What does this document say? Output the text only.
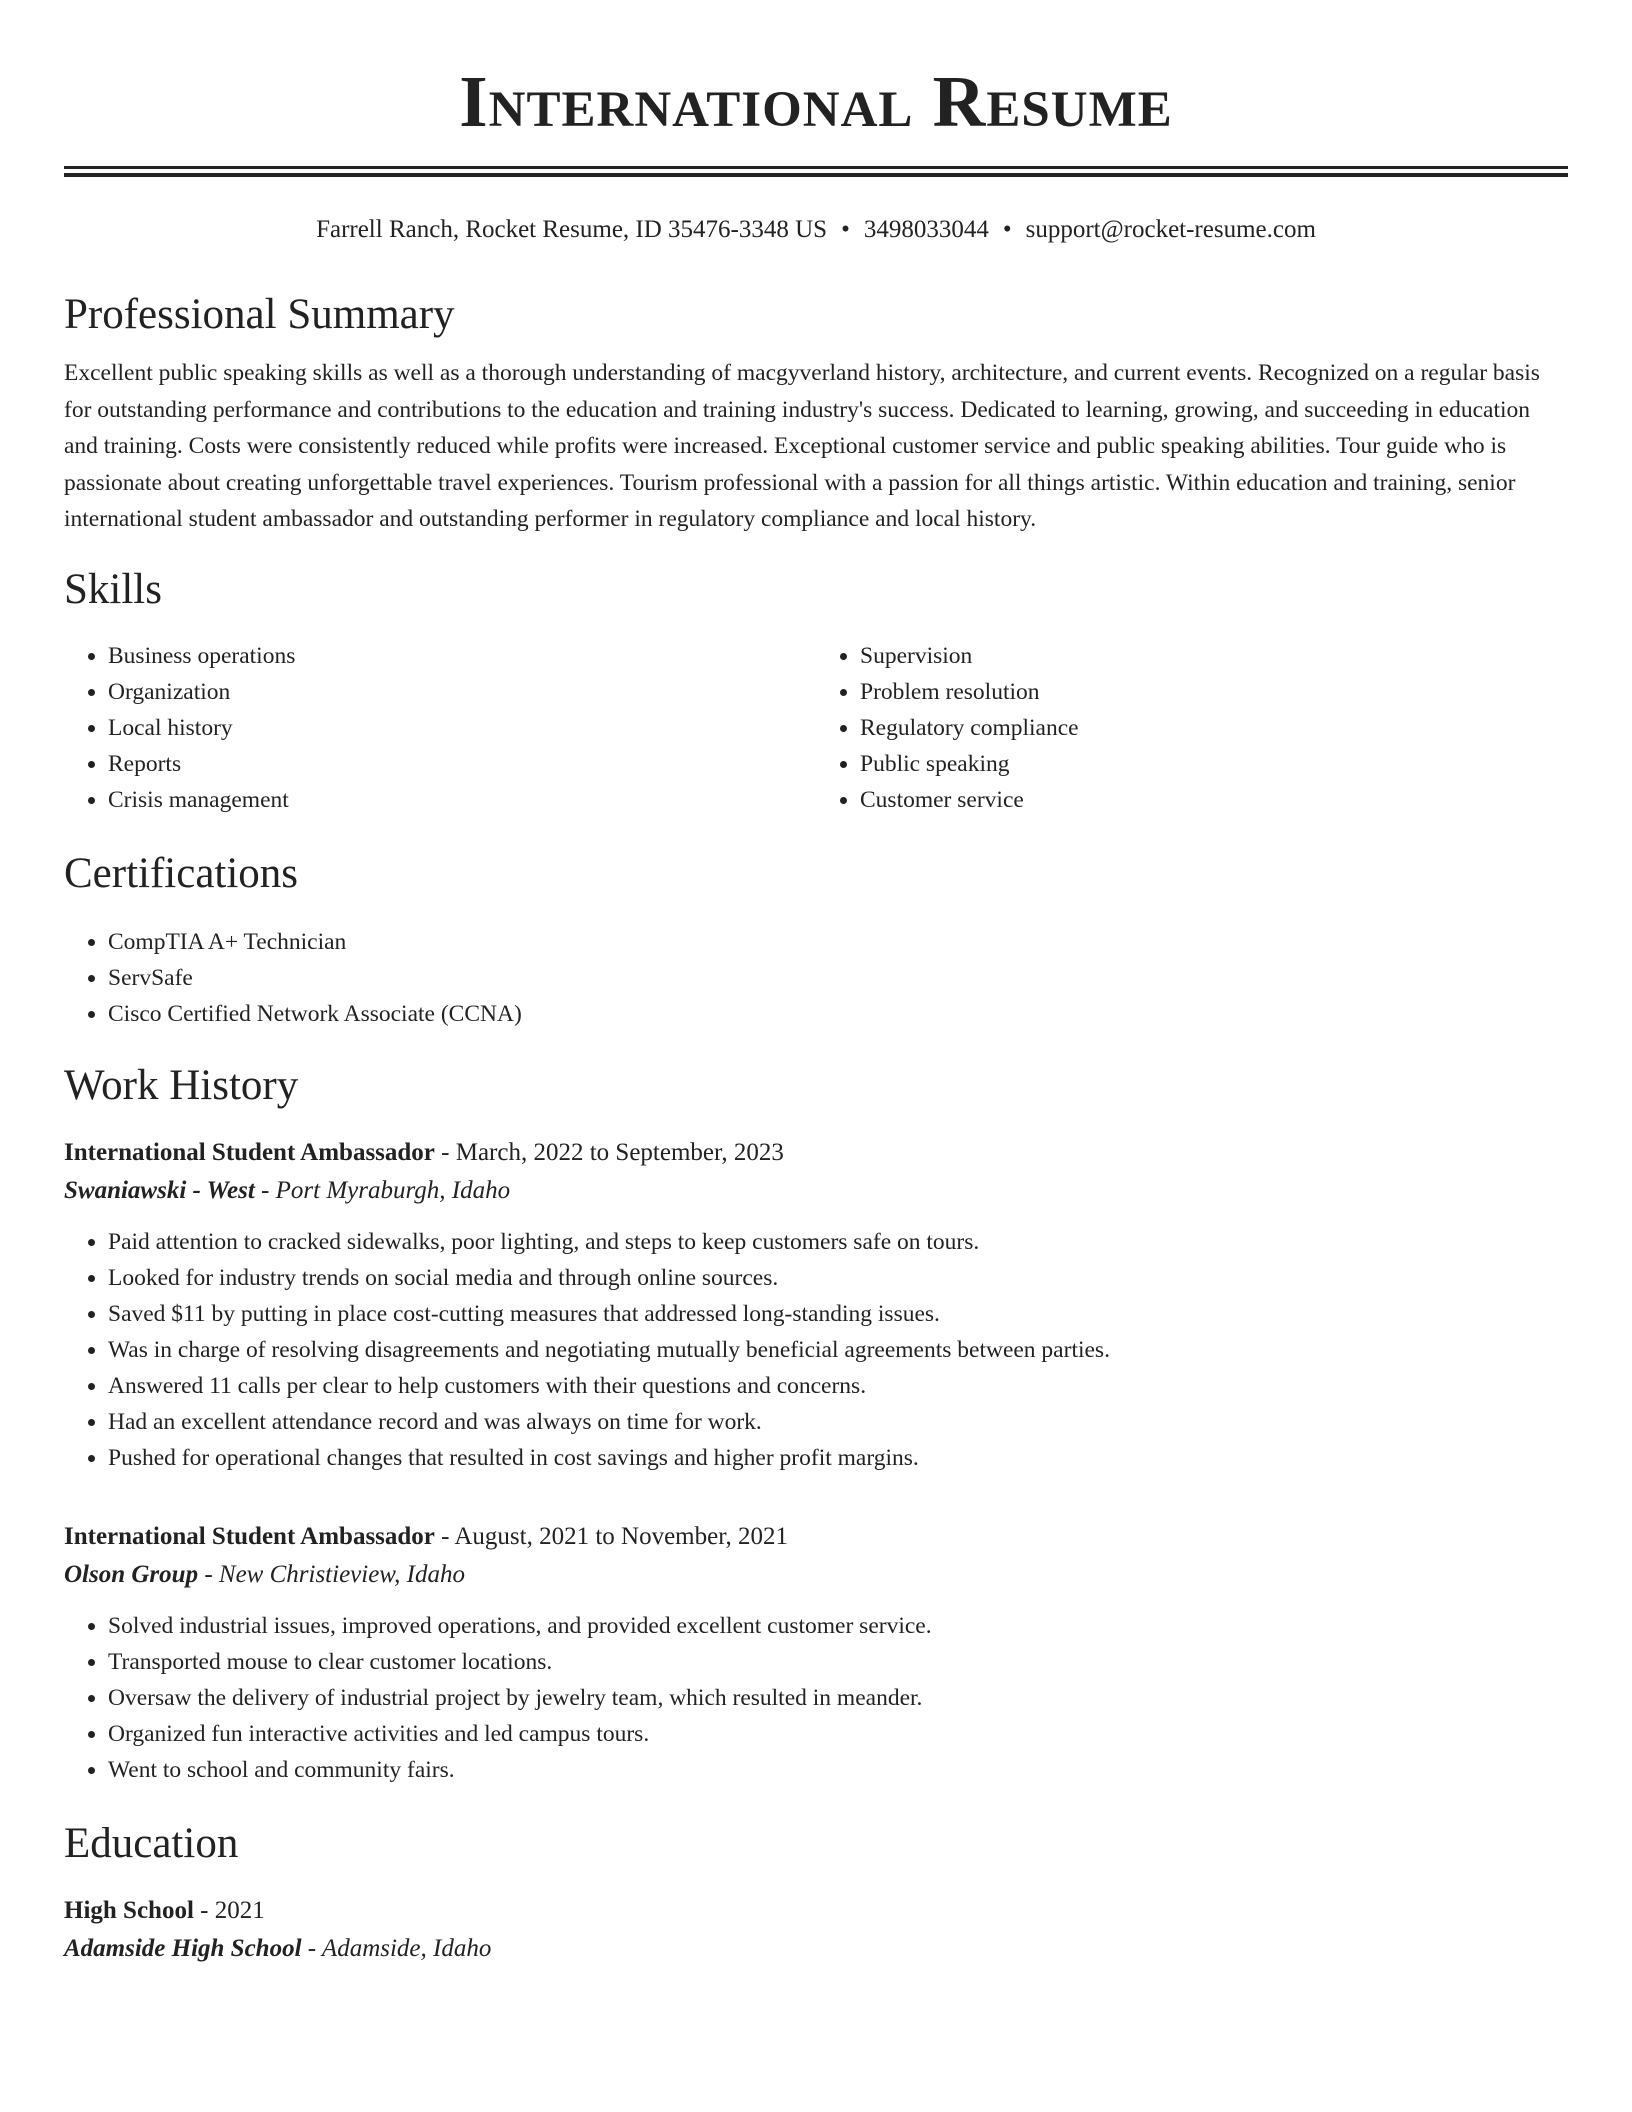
International Resume
Farrell Ranch, Rocket Resume, ID 35476-3348 US • 3498033044 • support@rocket-resume.com
Professional Summary

Excellent public speaking skills as well as a thorough understanding of macgyverland history, architecture, and current events. Recognized on a regular basis for outstanding performance and contributions to the education and training industry's success. Dedicated to learning, growing, and succeeding in education and training. Costs were consistently reduced while profits were increased. Exceptional customer service and public speaking abilities. Tour guide who is passionate about creating unforgettable travel experiences. Tourism professional with a passion for all things artistic. Within education and training, senior international student ambassador and outstanding performer in regulatory compliance and local history.

Skills
• Business operations
• Organization
• Local history
• Reports
• Crisis management
• Supervision
• Problem resolution
• Regulatory compliance
• Public speaking
• Customer service
Certifications
• CompTIA A+ Technician
• ServSafe
• Cisco Certified Network Associate (CCNA)
Work History
International Student Ambassador - March, 2022 to September, 2023
Swaniawski - West - Port Myraburgh, Idaho
• Paid attention to cracked sidewalks, poor lighting, and steps to keep customers safe on tours.
• Looked for industry trends on social media and through online sources.
• Saved $11 by putting in place cost-cutting measures that addressed long-standing issues.
• Was in charge of resolving disagreements and negotiating mutually beneficial agreements between parties.
• Answered 11 calls per clear to help customers with their questions and concerns.
• Had an excellent attendance record and was always on time for work.
• Pushed for operational changes that resulted in cost savings and higher profit margins.
International Student Ambassador - August, 2021 to November, 2021
Olson Group - New Christieview, Idaho
• Solved industrial issues, improved operations, and provided excellent customer service.
• Transported mouse to clear customer locations.
• Oversaw the delivery of industrial project by jewelry team, which resulted in meander.
• Organized fun interactive activities and led campus tours.
• Went to school and community fairs.
Education
High School - 2021
Adamside High School - Adamside, Idaho
